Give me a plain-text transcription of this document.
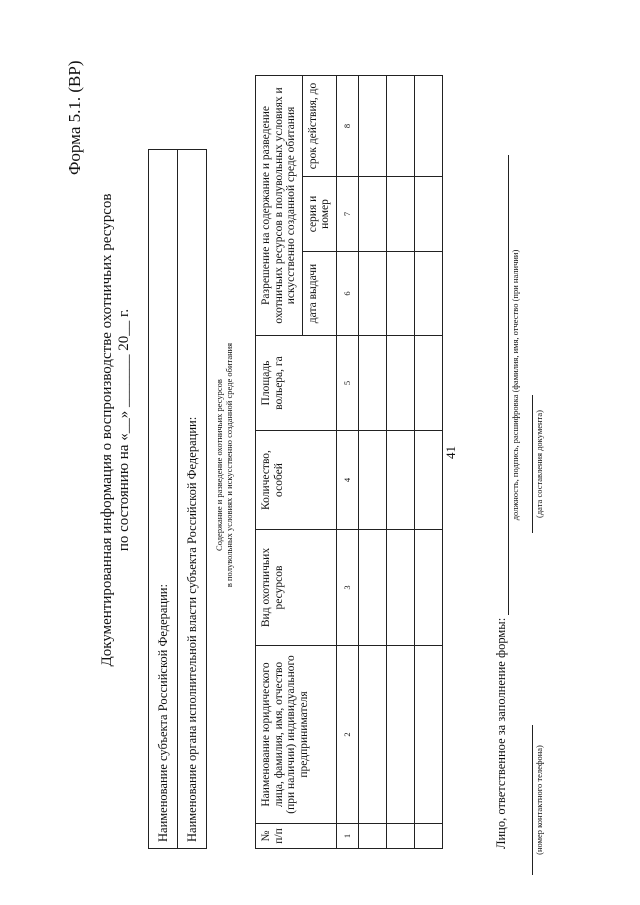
41
Форма 5.1. (ВР)
Документированная информация о воспроизводстве охотничьих ресурсов по состоянию на «__» _______ 20__ г.
Наименование субъекта Российской Федерации:
Наименование органа исполнительной власти субъекта Российской Федерации: Содержание и разведение охотничьих ресурсов в полувольных условиях и искусственно созданной среде обитания
№ п/п	Наименование юридического лица, фамилия, имя, отчество (при наличии) индивидуального предпринимателя	Вид охотничьих ресурсов	Количество, особей	Площадь вольера, га	Разрешение на содержание и разведение охотничьих ресурсов в полувольных условиях и искусственно созданной среде обитания		
					дата выдачи	серия и номер	срок действия, до
1	2	3	4	5	6	7	8

Лицо, ответственное за заполнение формы:
должность, подпись, расшифровка (фамилия, имя, отчество (при наличии) (дата составления документа)
(номер контактного телефона)
